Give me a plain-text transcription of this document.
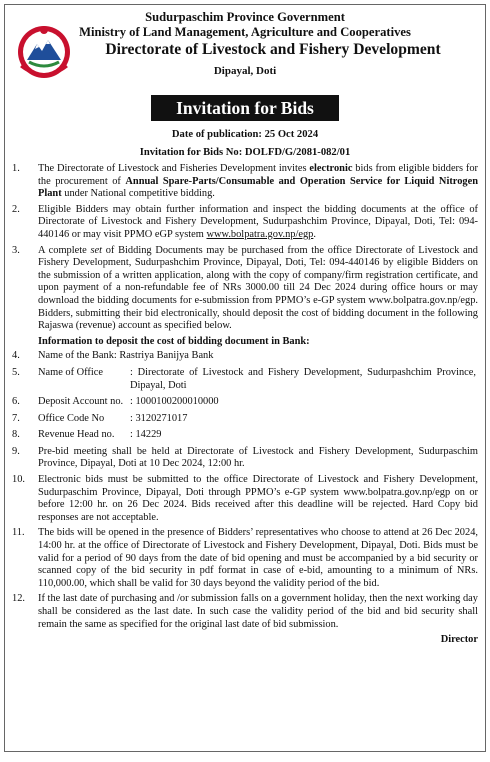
Sudurpaschim Province Government
Ministry of Land Management, Agriculture and Cooperatives
Directorate of Livestock and Fishery Development
Dipayal, Doti
Invitation for Bids
Date of publication: 25 Oct 2024
Invitation for Bids No: DOLFD/G/2081-082/01
1. The Directorate of Livestock and Fisheries Development invites electronic bids from eligible bidders for the procurement of Annual Spare-Parts/Consumable and Operation Service for Liquid Nitrogen Plant under National competitive bidding.
2. Eligible Bidders may obtain further information and inspect the bidding documents at the office of Directorate of Livestock and Fishery Development, Sudurpashchim Province, Dipayal, Doti, Tel: 094-440146 or may visit PPMO eGP system www.bolpatra.gov.np/egp.
3. A complete set of Bidding Documents may be purchased from the office Directorate of Livestock and Fishery Development, Sudurpashchim Province, Dipayal, Doti, Tel: 094-440146 by eligible Bidders on the submission of a written application, along with the copy of company/firm registration certificate, and upon payment of a non-refundable fee of NRs 3000.00 till 24 Dec 2024 during office hours or may download the bidding documents for e-submission from PPMO’s e-GP system www.bolpatra.gov.np/egp. Bidders, submitting their bid electronically, should deposit the cost of bidding document in the following Rajaswa (revenue) account as specified below.
Information to deposit the cost of bidding document in Bank:
4. Name of the Bank: Rastriya Banijya Bank
5. Name of Office	: Directorate of Livestock and Fishery Development, Sudurpashchim Province, Dipayal, Doti
6. Deposit Account no. : 1000100200010000
7. Office Code No : 3120271017
8. Revenue Head no. : 14229
9. Pre-bid meeting shall be held at Directorate of Livestock and Fishery Development, Sudurpaschim Province, Dipayal, Doti at 10 Dec 2024, 12:00 hr.
10. Electronic bids must be submitted to the office Directorate of Livestock and Fishery Development, Sudurpaschim Province, Dipayal, Doti through PPMO’s e-GP system www.bolpatra.gov.np/egp on or before 12:00 hr. on 26 Dec 2024. Bids received after this deadline will be rejected. Hard Copy bid responses are not acceptable.
11. The bids will be opened in the presence of Bidders’ representatives who choose to attend at 26 Dec 2024, 14:00 hr. at the office of Directorate of Livestock and Fishery Development, Dipayal, Doti. Bids must be valid for a period of 90 days from the date of bid opening and must be accompanied by a bid security or scanned copy of the bid security in pdf format in case of e-bid, amounting to a minimum of NRs. 110,000.00, which shall be valid for 30 days beyond the validity period of the bid.
12. If the last date of purchasing and /or submission falls on a government holiday, then the next working day shall be considered as the last date. In such case the validity period of the bid and bid security shall remain the same as specified for the original last date of bid submission.
Director
